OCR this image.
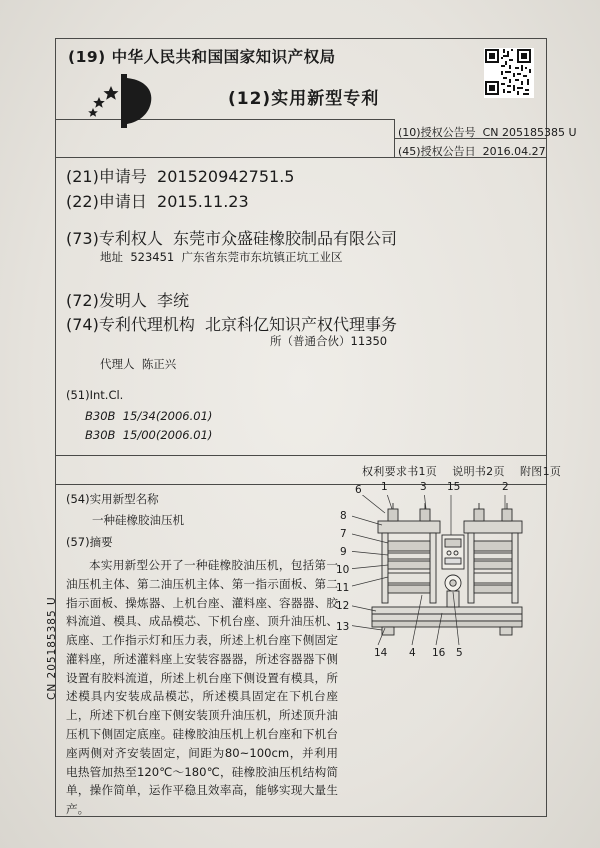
(19) 中华人民共和国国家知识产权局
(12)实用新型专利
(10)授权公告号 CN 205185385 U
(45)授权公告日 2016.04.27
(21)申请号 201520942751.5
(22)申请日 2015.11.23
(73)专利权人 东莞市众盛硅橡胶制品有限公司
地址 523451  广东省东莞市东坑镇正坑工业区
(72)发明人 李统
(74)专利代理机构  北京科亿知识产权代理事务
所（普通合伙）11350
代理人 陈正兴
(51)Int.Cl.
B30B  15/34(2006.01)
B30B  15/00(2006.01)
权利要求书1页    说明书2页    附图1页
(54)实用新型名称
一种硅橡胶油压机
(57)摘要
本实用新型公开了一种硅橡胶油压机，包括第一油压机主体、第二油压机主体、第一指示面板、第二指示面板、操炼器、上机台座、灌料座、容器器、胶料流道、模具、成品模芯、下机台座、顶升油压机、底座、工作指示灯和压力表，所述上机台座下侧固定灌料座，所述灌料座上安装容器器，所述容器器下侧设置有胶料流道，所述上机台座下侧设置有模具，所述模具内安装成品模芯，所述模具固定在下机台座上，所述下机台座下侧安装顶升油压机，所述顶升油压机下侧固定底座。硅橡胶油压机上机台座和下机台座两侧对齐安装固定，间距为80~100cm，并利用电热管加热至120℃～180℃，硅橡胶油压机结构简单，操作简单，运作平稳且效率高，能够实现大量生产。
CN 205185385 U
6 1	3 15	2
8
7
9
10
11
12
13
14 4 16 5
